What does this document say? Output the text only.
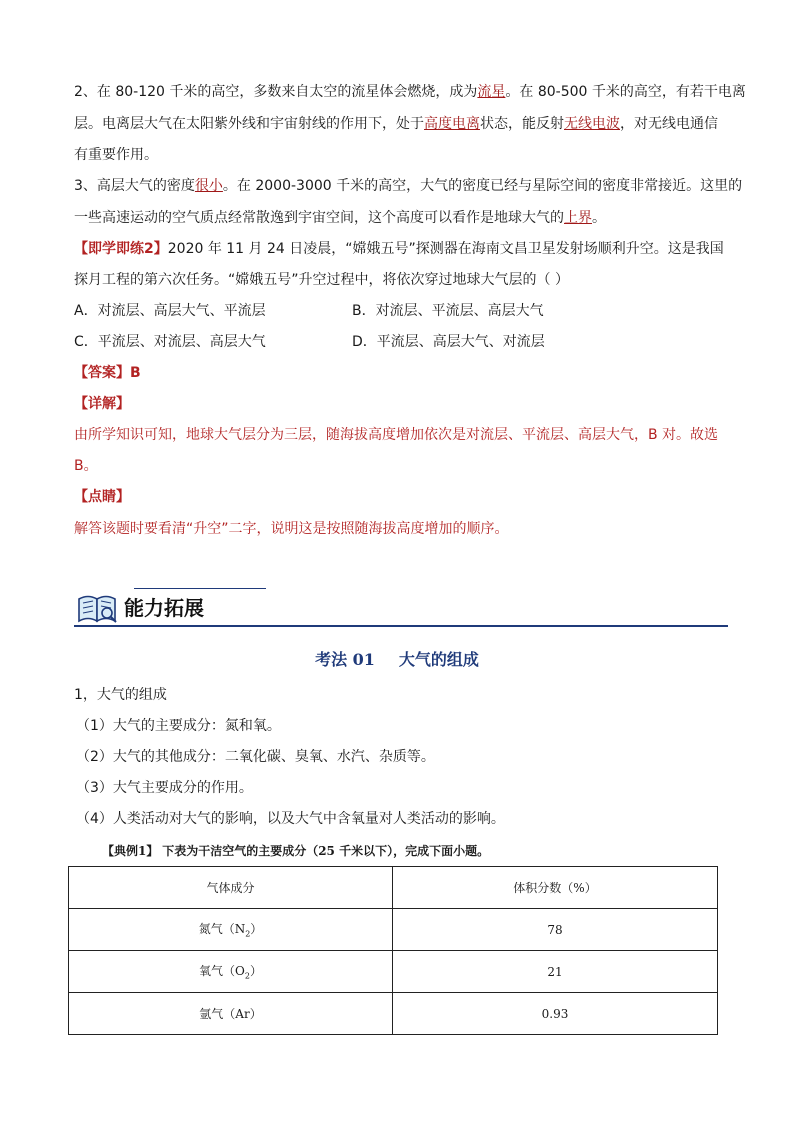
2、在 80-120 千米的高空，多数来自太空的流星体会燃烧，成为流星。在 80-500 千米的高空，有若干电离
层。电离层大气在太阳紫外线和宇宙射线的作用下，处于高度电离状态，能反射无线电波，对无线电通信
有重要作用。
3、高层大气的密度很小。在 2000-3000 千米的高空，大气的密度已经与星际空间的密度非常接近。这里的
一些高速运动的空气质点经常散逸到宇宙空间，这个高度可以看作是地球大气的上界。
【即学即练2】2020 年 11 月 24 日凌晨，“嫦娥五号”探测器在海南文昌卫星发射场顺利升空。这是我国
探月工程的第六次任务。“嫦娥五号”升空过程中，将依次穿过地球大气层的（ ）
A．对流层、高层大气、平流层	B．对流层、平流层、高层大气
C．平流层、对流层、高层大气	D．平流层、高层大气、对流层
【答案】B
【详解】
由所学知识可知，地球大气层分为三层，随海拔高度增加依次是对流层、平流层、高层大气，B 对。故选
B。
【点睛】
解答该题时要看清“升空”二字，说明这是按照随海拔高度增加的顺序。
能力拓展
考法 01 大气的组成
1，大气的组成
（1）大气的主要成分：氮和氧。
（2）大气的其他成分：二氧化碳、臭氧、水汽、杂质等。
（3）大气主要成分的作用。
（4）人类活动对大气的影响，以及大气中含氧量对人类活动的影响。
【典例1】 下表为干洁空气的主要成分（25 千米以下），完成下面小题。
气体成分	体积分数（%）
氮气$(N_2)$	78
氧气$(O_2)$	21
氩气（Ar）	0.93
